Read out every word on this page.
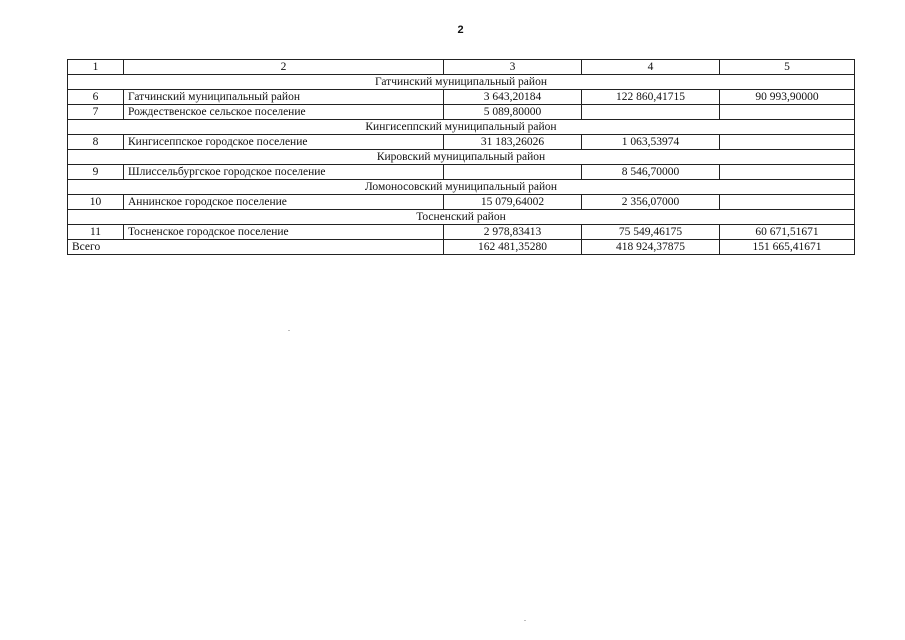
2
1	2	3	4	5
Гатчинский муниципальный район				
6	Гатчинский муниципальный район	3 643,20184	122 860,41715	90 993,90000
7	Рождественское сельское поселение	5 089,80000		
Кингисеппский муниципальный район				
8	Кингисеппское городское поселение	31 183,26026	1 063,53974	
Кировский муниципальный район				
9	Шлиссельбургское городское поселение		8 546,70000	
Ломоносовский муниципальный район				
10	Аннинское городское поселение	15 079,64002	2 356,07000	
Тосненский район				
11	Тосненское городское поселение	2 978,83413	75 549,46175	60 671,51671
Всего		162 481,35280	418 924,37875	151 665,41671
